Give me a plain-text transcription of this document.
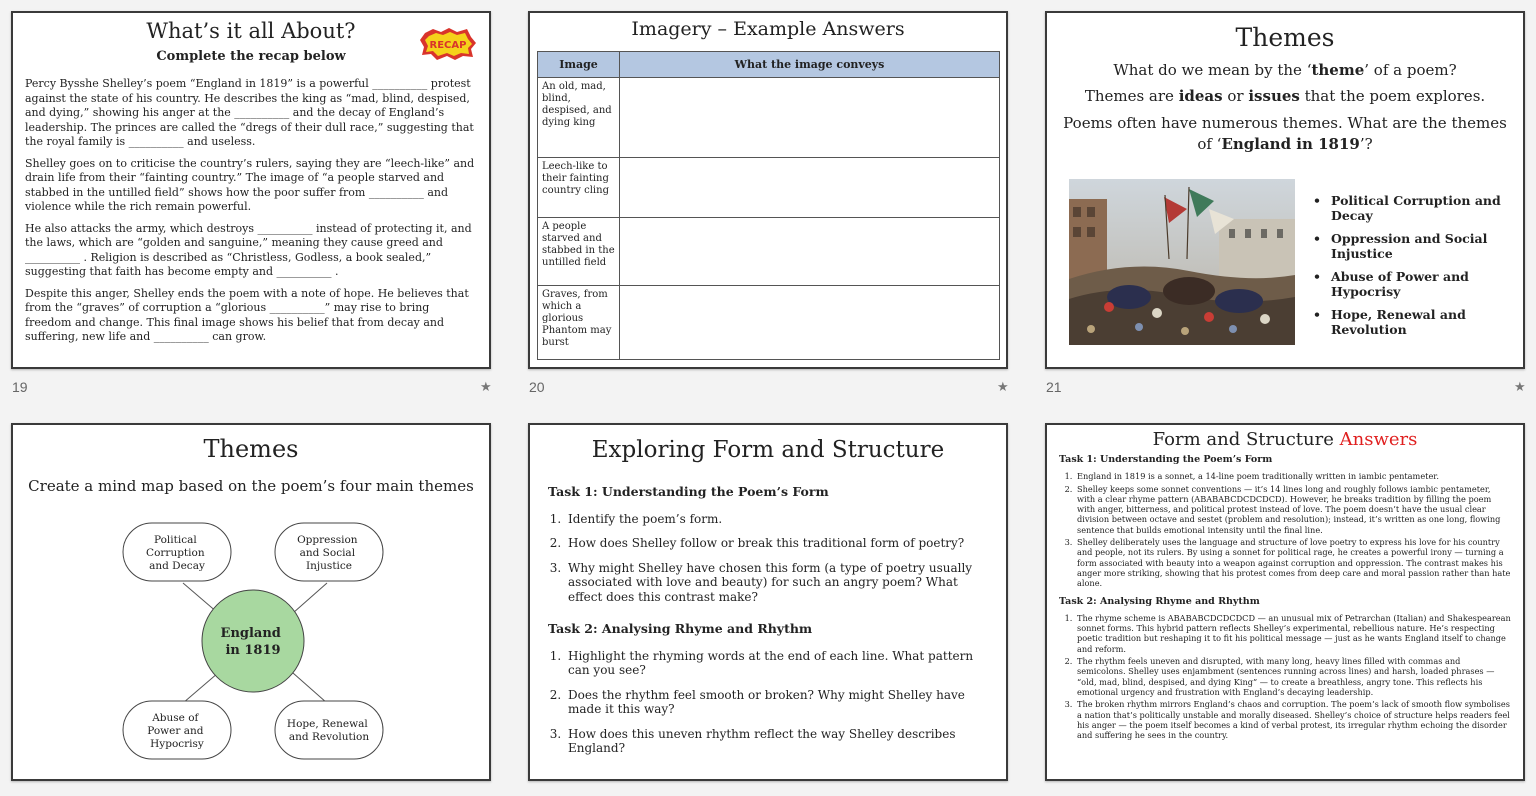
What’s it all About?
Complete the recap below
RECAP

Percy Bysshe Shelley’s poem “England in 1819” is a powerful __________ protest against the state of his country. He describes the king as “mad, blind, despised, and dying,” showing his anger at the __________ and the decay of England’s leadership. The princes are called the “dregs of their dull race,” suggesting that the royal family is __________ and useless.

Shelley goes on to criticise the country’s rulers, saying they are “leech-like” and drain life from their “fainting country.” The image of “a people starved and stabbed in the untilled field” shows how the poor suffer from __________ and violence while the rich remain powerful.

He also attacks the army, which destroys __________ instead of protecting it, and the laws, which are “golden and sanguine,” meaning they cause greed and __________ . Religion is described as “Christless, Godless, a book sealed,” suggesting that faith has become empty and __________ .

Despite this anger, Shelley ends the poem with a note of hope. He believes that from the “graves” of corruption a “glorious __________” may rise to bring freedom and change. This final image shows his belief that from decay and suffering, new life and __________ can grow.

19	★
Imagery – Example Answers
Image	What the image conveys
An old, mad, blind, despised, and dying king	
Leech-like to their fainting country cling	
A people starved and stabbed in the untilled field	
Graves, from which a glorious Phantom may burst	
20	★
Themes
What do we mean by the ‘theme’ of a poem?
Themes are ideas or issues that the poem explores.
Poems often have numerous themes. What are the themes of ‘England in 1819’?
• Political Corruption and Decay
• Oppression and Social Injustice
• Abuse of Power and Hypocrisy
• Hope, Renewal and Revolution
21	★
Themes
Create a mind map based on the poem’s four main themes
Political Corruption and Decay
Oppression and Social Injustice
England in 1819
Abuse of Power and Hypocrisy
Hope, Renewal and Revolution
Exploring Form and Structure
Task 1: Understanding the Poem’s Form
1. Identify the poem’s form.
2. How does Shelley follow or break this traditional form of poetry?
3. Why might Shelley have chosen this form (a type of poetry usually associated with love and beauty) for such an angry poem? What effect does this contrast make?
Task 2: Analysing Rhyme and Rhythm
1. Highlight the rhyming words at the end of each line. What pattern can you see?
2. Does the rhythm feel smooth or broken? Why might Shelley have made it this way?
3. How does this uneven rhythm reflect the way Shelley describes England?
Form and Structure Answers
Task 1: Understanding the Poem’s Form
1. England in 1819 is a sonnet, a 14-line poem traditionally written in iambic pentameter.
2. Shelley keeps some sonnet conventions — it’s 14 lines long and roughly follows iambic pentameter, with a clear rhyme pattern (ABABABCDCDCDCD). However, he breaks tradition by filling the poem with anger, bitterness, and political protest instead of love. The poem doesn’t have the usual clear division between octave and sestet (problem and resolution); instead, it’s written as one long, flowing sentence that builds emotional intensity until the final line.
3. Shelley deliberately uses the language and structure of love poetry to express his love for his country and people, not its rulers. By using a sonnet for political rage, he creates a powerful irony — turning a form associated with beauty into a weapon against corruption and oppression. The contrast makes his anger more striking, showing that his protest comes from deep care and moral passion rather than hate alone.
Task 2: Analysing Rhyme and Rhythm
1. The rhyme scheme is ABABABCDCDCDCD — an unusual mix of Petrarchan (Italian) and Shakespearean sonnet forms. This hybrid pattern reflects Shelley’s experimental, rebellious nature. He’s respecting poetic tradition but reshaping it to fit his political message — just as he wants England itself to change and reform.
2. The rhythm feels uneven and disrupted, with many long, heavy lines filled with commas and semicolons. Shelley uses enjambment (sentences running across lines) and harsh, loaded phrases — “old, mad, blind, despised, and dying King” — to create a breathless, angry tone. This reflects his emotional urgency and frustration with England’s decaying leadership.
3. The broken rhythm mirrors England’s chaos and corruption. The poem’s lack of smooth flow symbolises a nation that’s politically unstable and morally diseased. Shelley’s choice of structure helps readers feel his anger — the poem itself becomes a kind of verbal protest, its irregular rhythm echoing the disorder and suffering he sees in the country.
